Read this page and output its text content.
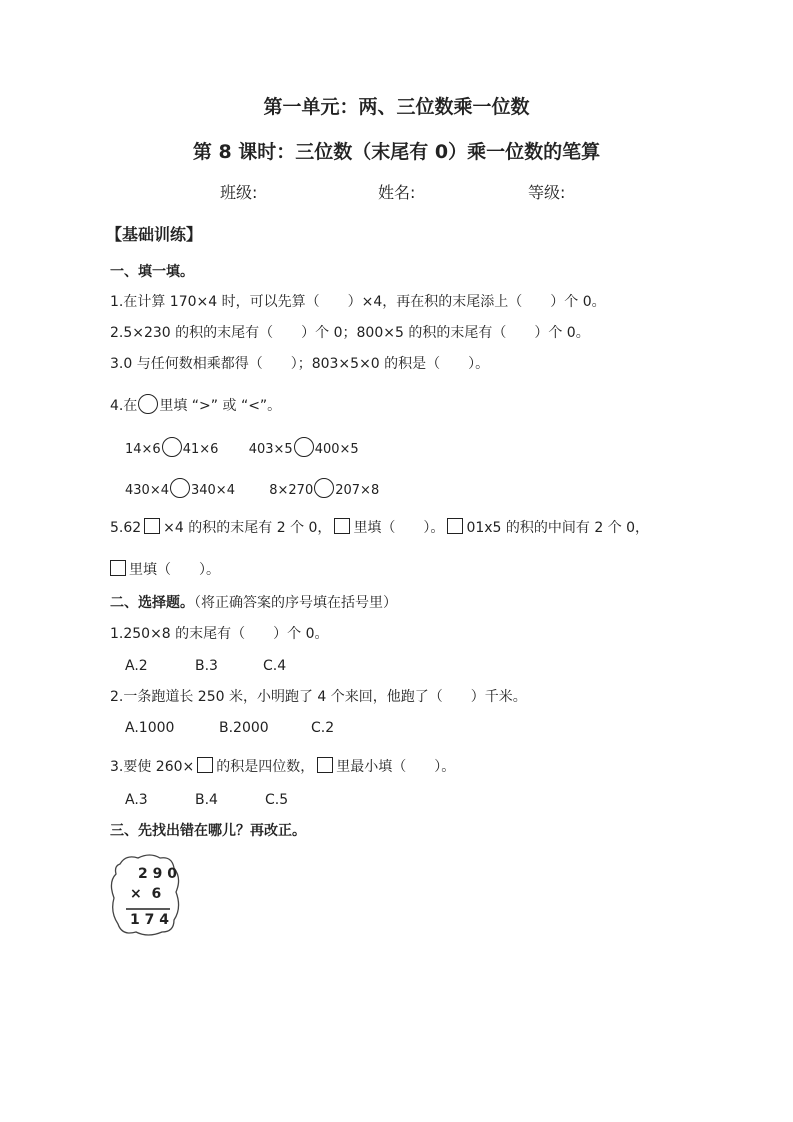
第一单元：两、三位数乘一位数
第 8 课时：三位数（末尾有 0）乘一位数的笔算
班级:	姓名:	等级:
【基础训练】
一、填一填。
1.在计算 170×4 时，可以先算（　　）×4，再在积的末尾添上（　　）个 0。
2.5×230 的积的末尾有（　　）个 0；800×5 的积的末尾有（　　）个 0。
3.0 与任何数相乘都得（　　）；803×5×0 的积是（　　）。
4.在 里填 “>” 或 “<”。
14×6 41×6 403×5 400×5
430×4 340×4	8×270 207×8
5.62 ×4 的积的末尾有 2 个 0， 里填（　　）。 01x5 的积的中间有 2 个 0，
里填（　　）。
二、选择题。（将正确答案的序号填在括号里）
1.250×8 的末尾有（　　）个 0。
A.2	B.3	C.4
2.一条跑道长 250 米，小明跑了 4 个来回，他跑了（　　）千米。
A.1000	B.2000	C.2
3.要使 260× 的积是四位数， 里最小填（　　）。
A.3	B.4	C.5
三、先找出错在哪儿？再改正。
2 9 0
×  6
1 7 4
